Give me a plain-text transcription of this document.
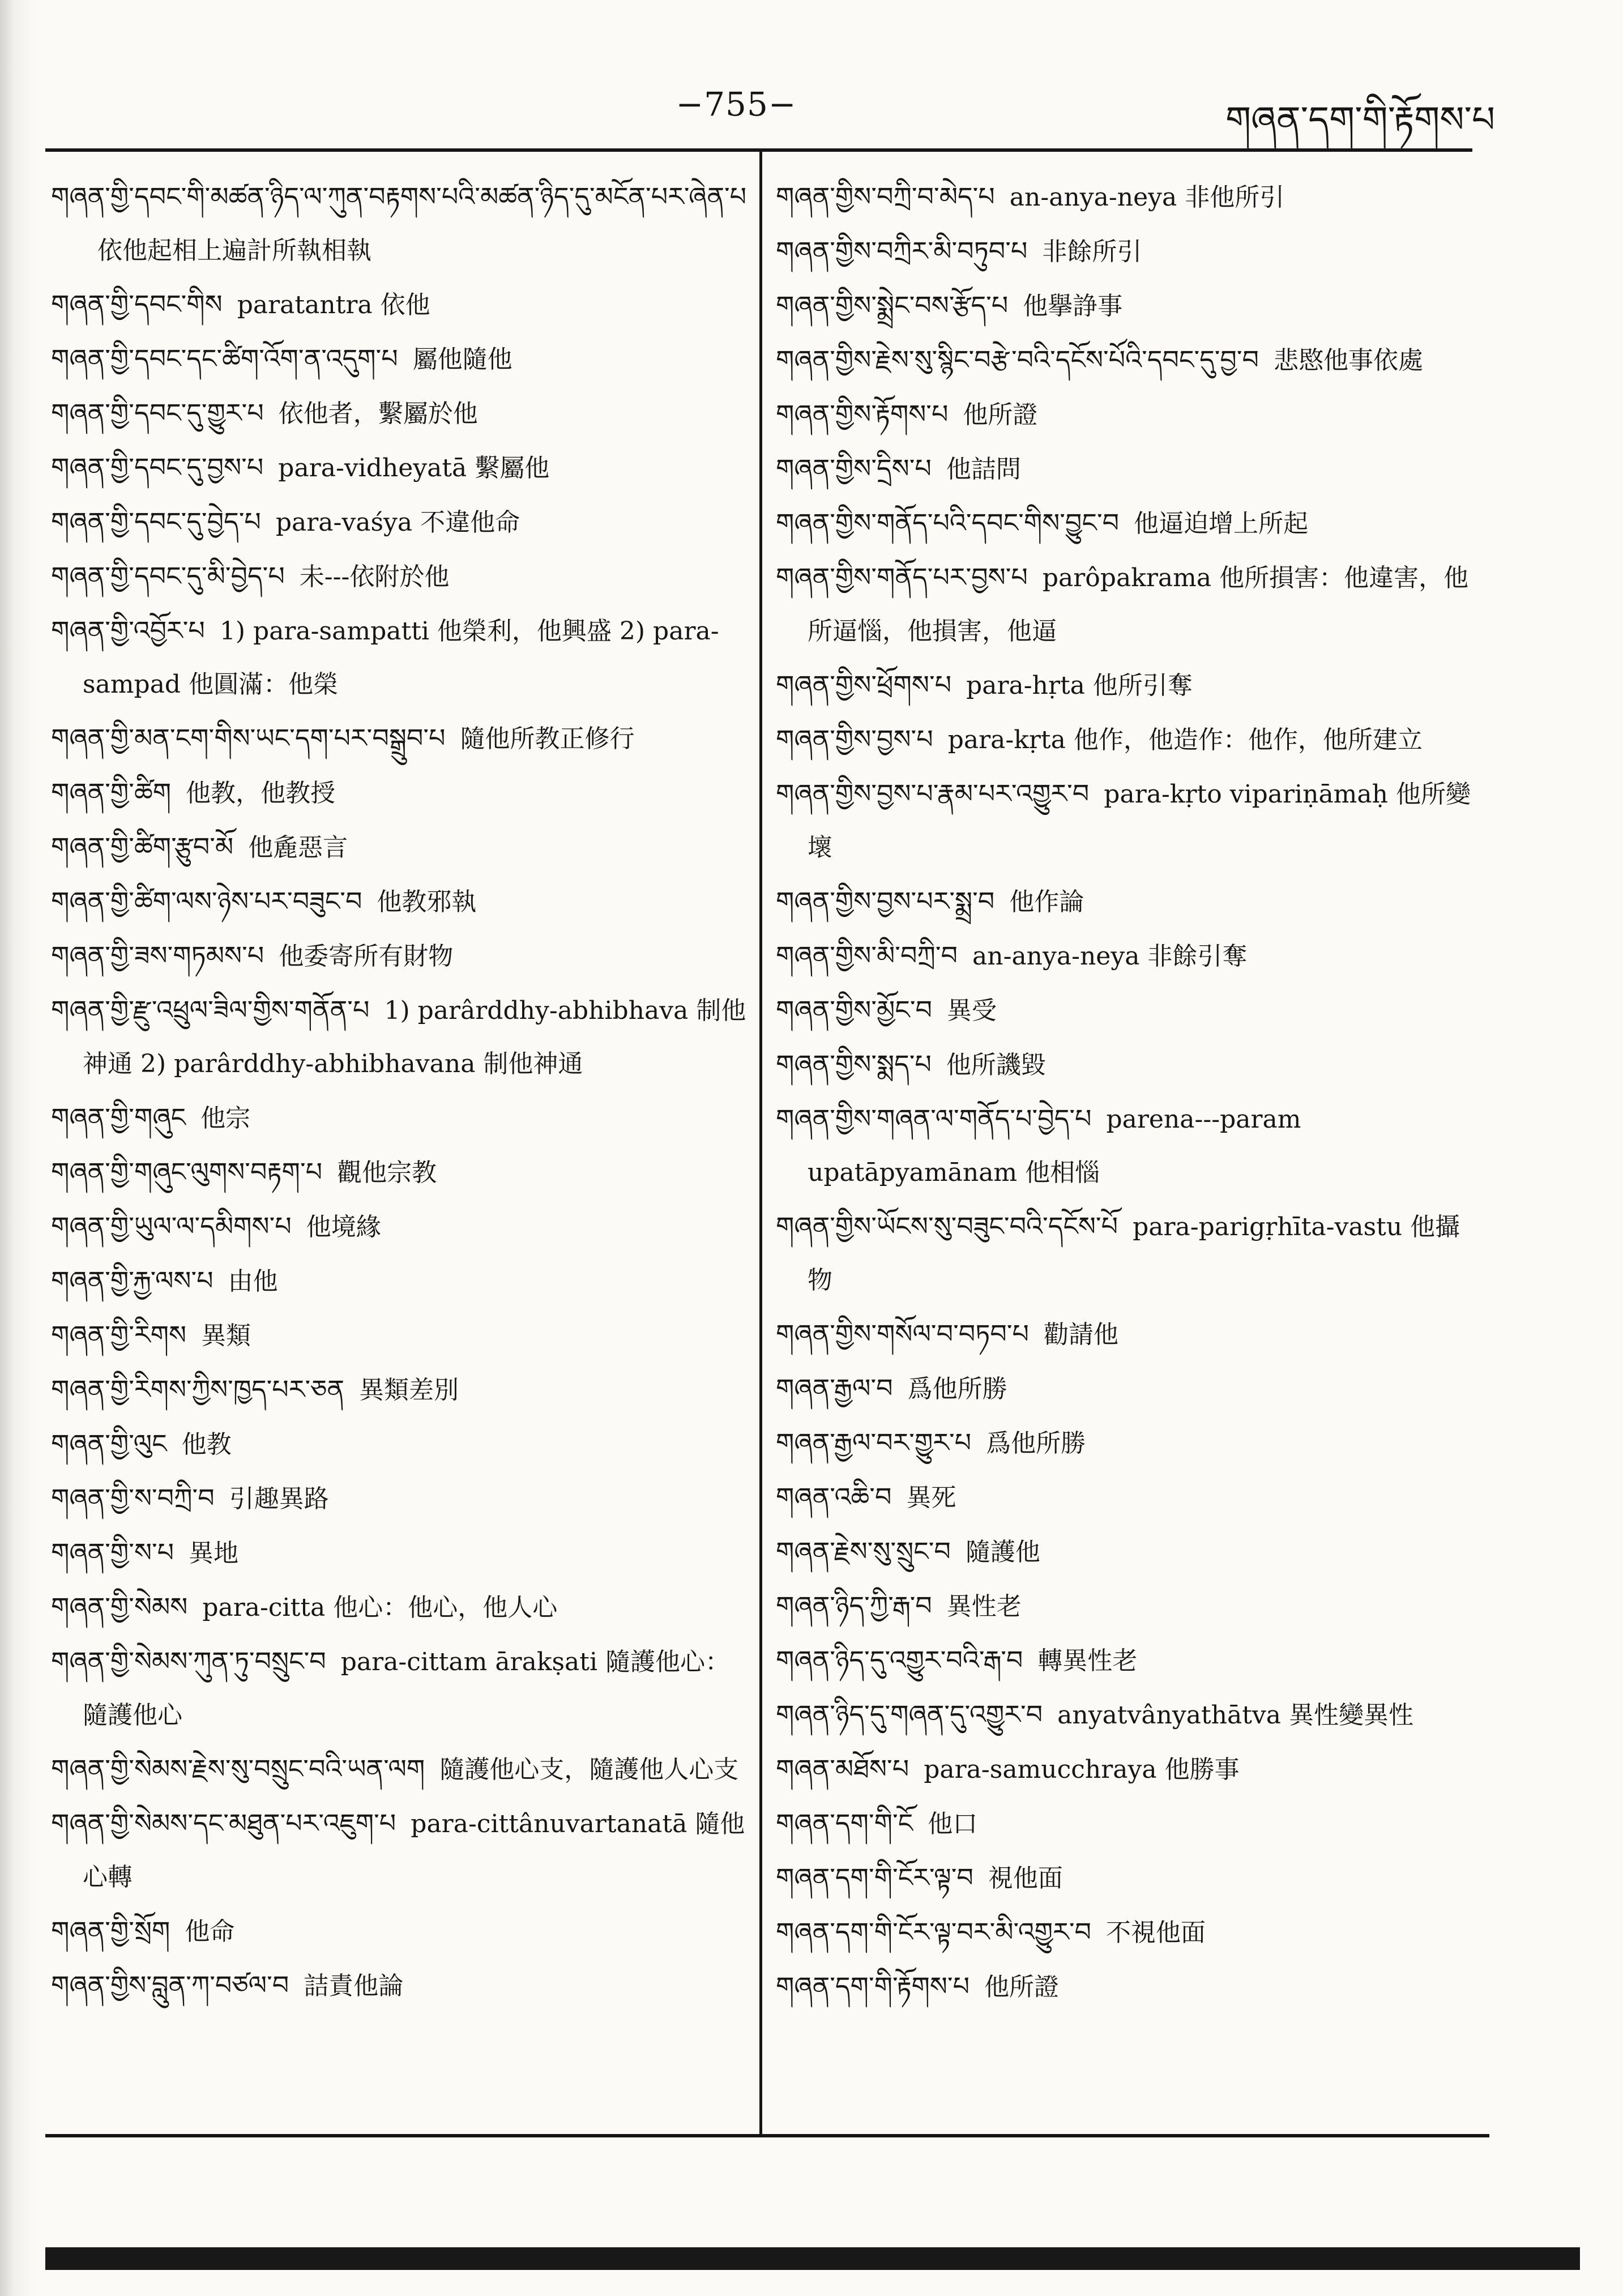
−755−	གཞན་དག་གི་རྟོགས་པ
གཞན་གྱི་དབང་གི་མཚན་ཉིད་ལ་ཀུན་བརྟགས་པའི་མཚན་ཉིད་དུ་མངོན་པར་ཞེན་པ依他起相上遍計所執相執
གཞན་གྱི་དབང་གིས paratantra 依他
གཞན་གྱི་དབང་དང་ཚིག་འོག་ན་འདུག་པ 屬他隨他
གཞན་གྱི་དབང་དུ་གྱུར་པ 依他者，繫屬於他
གཞན་གྱི་དབང་དུ་བྱས་པ para-vidheyatā 繫屬他
གཞན་གྱི་དབང་དུ་བྱེད་པ para-vaśya 不違他命
གཞན་གྱི་དབང་དུ་མི་བྱེད་པ 未---依附於他
གཞན་གྱི་འབྱོར་པ 1) para-sampatti 他榮利，他興盛 2) para-sampad 他圓滿：他榮
གཞན་གྱི་མན་ངག་གིས་ཡང་དག་པར་བསྒྲུབ་པ 隨他所教正修行
གཞན་གྱི་ཚིག 他教，他教授
གཞན་གྱི་ཚིག་རྩུབ་མོ 他麁惡言
གཞན་གྱི་ཚིག་ལས་ཉེས་པར་བཟུང་བ 他教邪執
གཞན་གྱི་ཟས་གཏམས་པ 他委寄所有財物
གཞན་གྱི་རྫུ་འཕྲུལ་ཟིལ་གྱིས་གནོན་པ 1) parârddhy-abhibhava 制他神通 2) parârddhy-abhibhavana 制他神通
གཞན་གྱི་གཞུང 他宗
གཞན་གྱི་གཞུང་ལུགས་བརྟག་པ 觀他宗教
གཞན་གྱི་ཡུལ་ལ་དམིགས་པ 他境緣
གཞན་གྱི་རྐྱ་ལས་པ 由他
གཞན་གྱི་རིགས 異類
གཞན་གྱི་རིགས་ཀྱིས་ཁྱད་པར་ཅན 異類差別
གཞན་གྱི་ལུང 他教
གཞན་གྱི་ས་བཀྲི་བ 引趣異路
གཞན་གྱི་ས་པ 異地
གཞན་གྱི་སེམས para-citta 他心：他心，他人心
གཞན་གྱི་སེམས་ཀུན་ཏུ་བསྲུང་བ para-cittam ārakṣati 隨護他心：隨護他心
གཞན་གྱི་སེམས་རྗེས་སུ་བསྲུང་བའི་ཡན་ལག 隨護他心支，隨護他人心支
གཞན་གྱི་སེམས་དང་མཐུན་པར་འཇུག་པ para-cittânuvartanatā 隨他心轉
གཞན་གྱི་སྲོག 他命
གཞན་གྱིས་བླུན་ཀ་བཙལ་བ 詰責他論
གཞན་གྱིས་བཀྲི་བ་མེད་པ an-anya-neya 非他所引
གཞན་གྱིས་བཀྲིར་མི་བཏུབ་པ 非餘所引
གཞན་གྱིས་སྨྲེང་བས་རྩོད་པ 他擧諍事
གཞན་གྱིས་རྗེས་སུ་སྙིང་བརྩེ་བའི་དངོས་པོའི་དབང་དུ་བྱ་བ 悲愍他事依處
གཞན་གྱིས་རྟོགས་པ 他所證
གཞན་གྱིས་དྲིས་པ 他詰問
གཞན་གྱིས་གནོད་པའི་དབང་གིས་བྱུང་བ 他逼迫增上所起
གཞན་གྱིས་གནོད་པར་བྱས་པ parôpakrama 他所損害：他違害，他所逼惱，他損害，他逼
གཞན་གྱིས་ཕྲོགས་པ para-hṛta 他所引奪
གཞན་གྱིས་བྱས་པ para-kṛta 他作，他造作：他作，他所建立
གཞན་གྱིས་བྱས་པ་རྣམ་པར་འགྱུར་བ para-kṛto vipariṇāmaḥ 他所變壞
གཞན་གྱིས་བྱས་པར་སྨྲ་བ 他作論
གཞན་གྱིས་མི་བཀྲི་བ an-anya-neya 非餘引奪
གཞན་གྱིས་མྱོང་བ 異受
གཞན་གྱིས་སྨད་པ 他所譏毀
གཞན་གྱིས་གཞན་ལ་གནོད་པ་བྱེད་པ parena---param upatāpyamānam 他相惱
གཞན་གྱིས་ཡོངས་སུ་བཟུང་བའི་དངོས་པོ para-parigṛhīta-vastu 他攝物
གཞན་གྱིས་གསོལ་བ་བཏབ་པ 勸請他
གཞན་རྒྱལ་བ 爲他所勝
གཞན་རྒྱལ་བར་གྱུར་པ 爲他所勝
གཞན་འཆི་བ 異死
གཞན་རྗེས་སུ་སྲུང་བ 隨護他
གཞན་ཉིད་ཀྱི་རྒ་བ 異性老
གཞན་ཉིད་དུ་འགྱུར་བའི་རྒ་བ 轉異性老
གཞན་ཉིད་དུ་གཞན་དུ་འགྱུར་བ anyatvânyathātva 異性變異性
གཞན་མཐོས་པ para-samucchraya 他勝事
གཞན་དག་གི་ངོ 他口
གཞན་དག་གི་ངོར་ལྟ་བ 視他面
གཞན་དག་གི་ངོར་ལྟ་བར་མི་འགྱུར་བ 不視他面
གཞན་དག་གི་རྟོགས་པ 他所證
